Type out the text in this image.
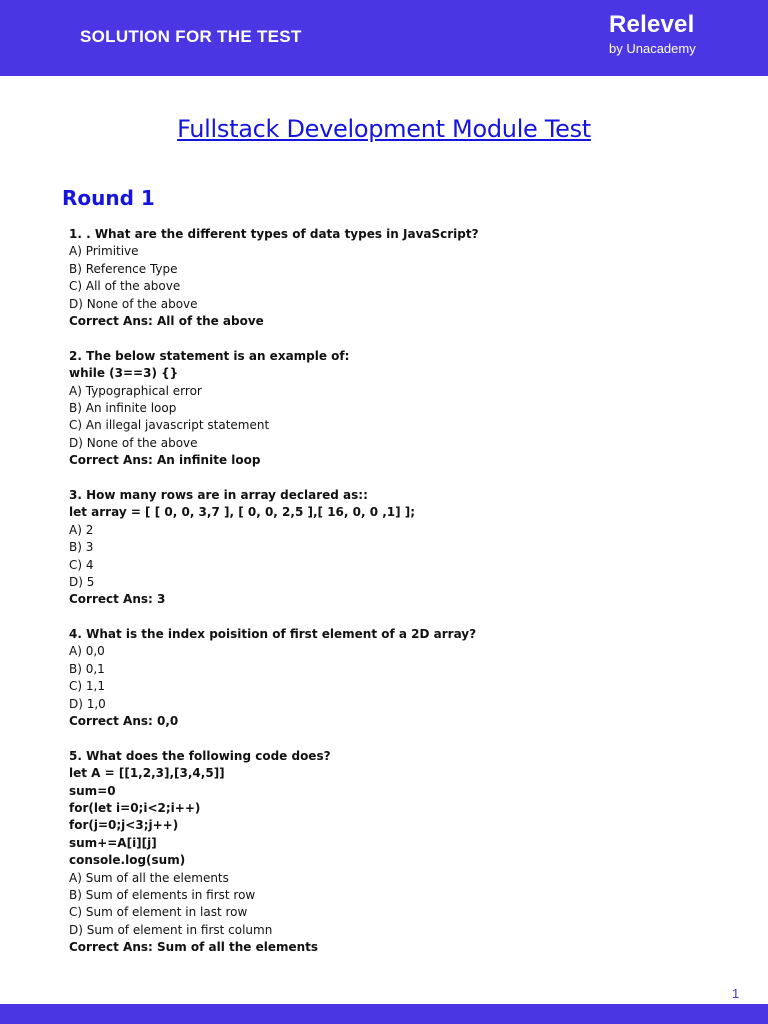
SOLUTION FOR THE TEST	Relevel
by Unacademy
Fullstack Development Module Test
Round 1
1. . What are the different types of data types in JavaScript?
A) Primitive
B) Reference Type
C) All of the above
D) None of the above
Correct Ans: All of the above
2. The below statement is an example of:
while (3==3) {}
A) Typographical error
B) An infinite loop
C) An illegal javascript statement
D) None of the above
Correct Ans: An infinite loop
3. How many rows are in array declared as::
let array = [ [ 0, 0, 3,7 ], [ 0, 0, 2,5 ],[ 16, 0, 0 ,1] ];
A) 2
B) 3
C) 4
D) 5
Correct Ans: 3
4. What is the index poisition of first element of a 2D array?
A) 0,0
B) 0,1
C) 1,1
D) 1,0
Correct Ans: 0,0
5. What does the following code does?
let A = [[1,2,3],[3,4,5]]
sum=0
for(let i=0;i<2;i++)
for(j=0;j<3;j++)
sum+=A[i][j]
console.log(sum)
A) Sum of all the elements
B) Sum of elements in first row
C) Sum of element in last row
D) Sum of element in first column
Correct Ans: Sum of all the elements
1
